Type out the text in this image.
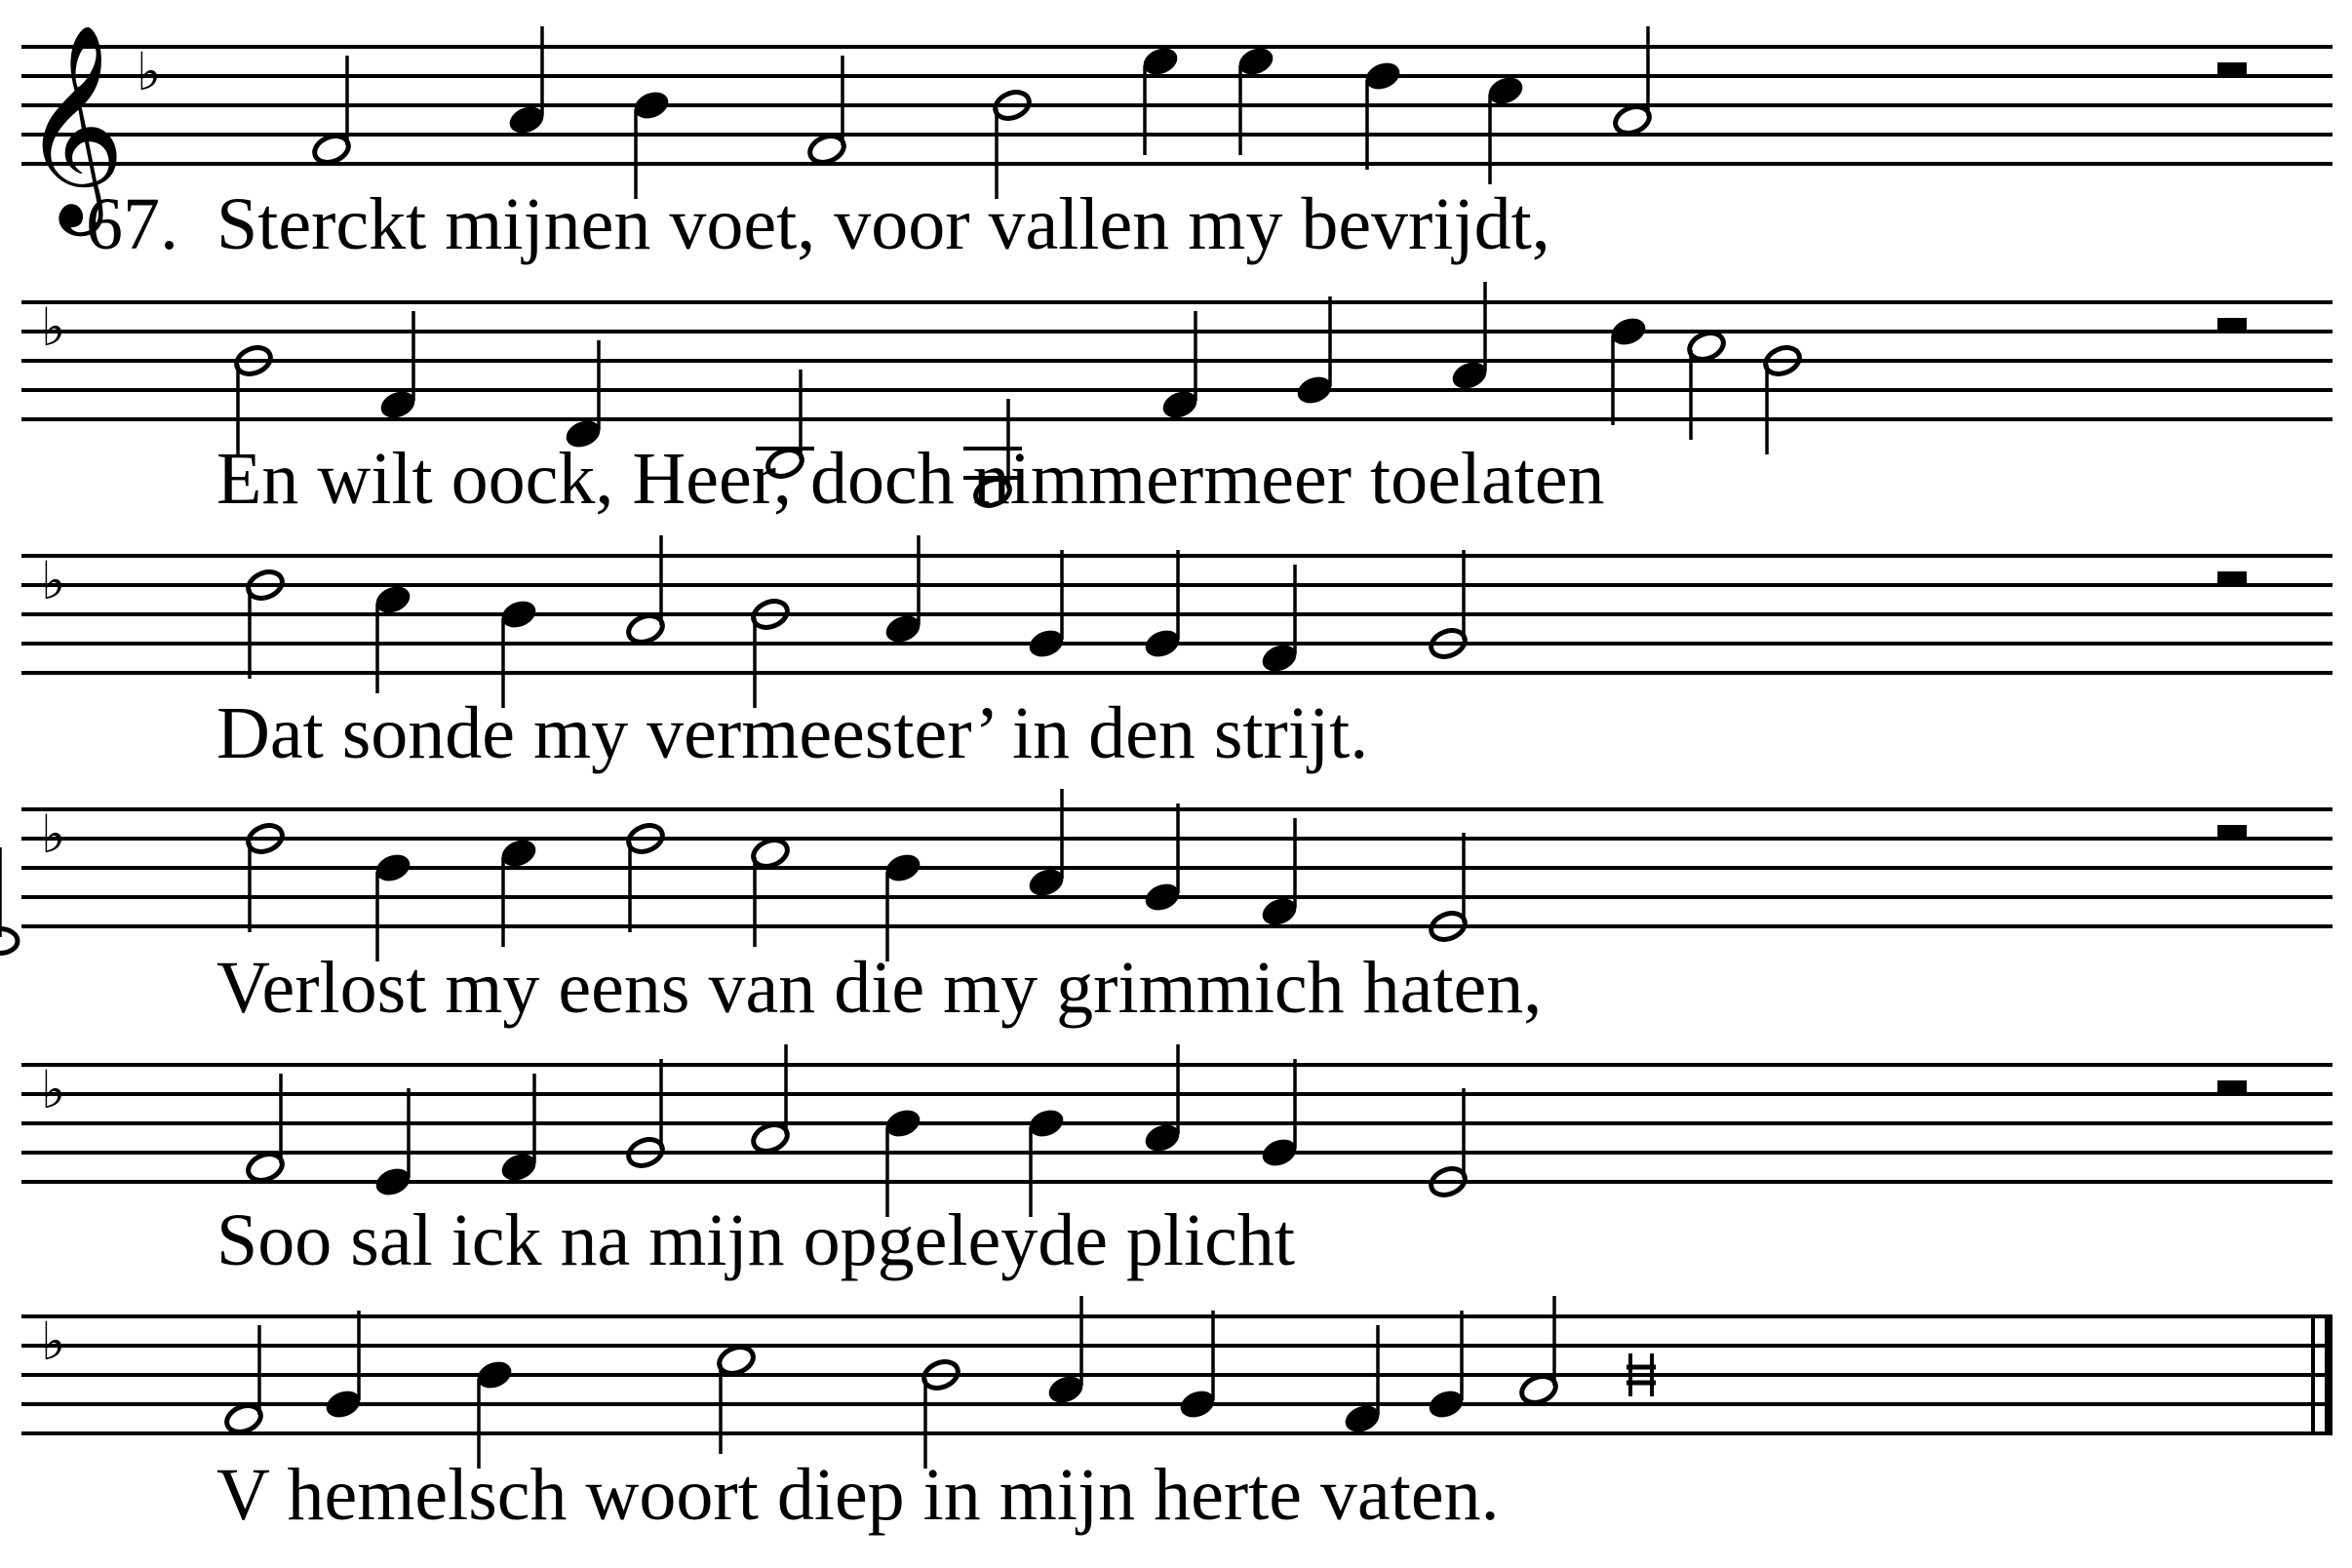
𝄞 ♭
♭
♭
♭
♭
♭
67. Sterckt mijnen voet, voor vallen my bevrijdt,
En wilt oock, Heer, doch nimmermeer toelaten
Dat sonde my vermeester’ in den strijt.
Verlost my eens van die my grimmich haten,
Soo sal ick na mijn opgeleyde plicht
V hemelsch woort diep in mijn herte vaten.
